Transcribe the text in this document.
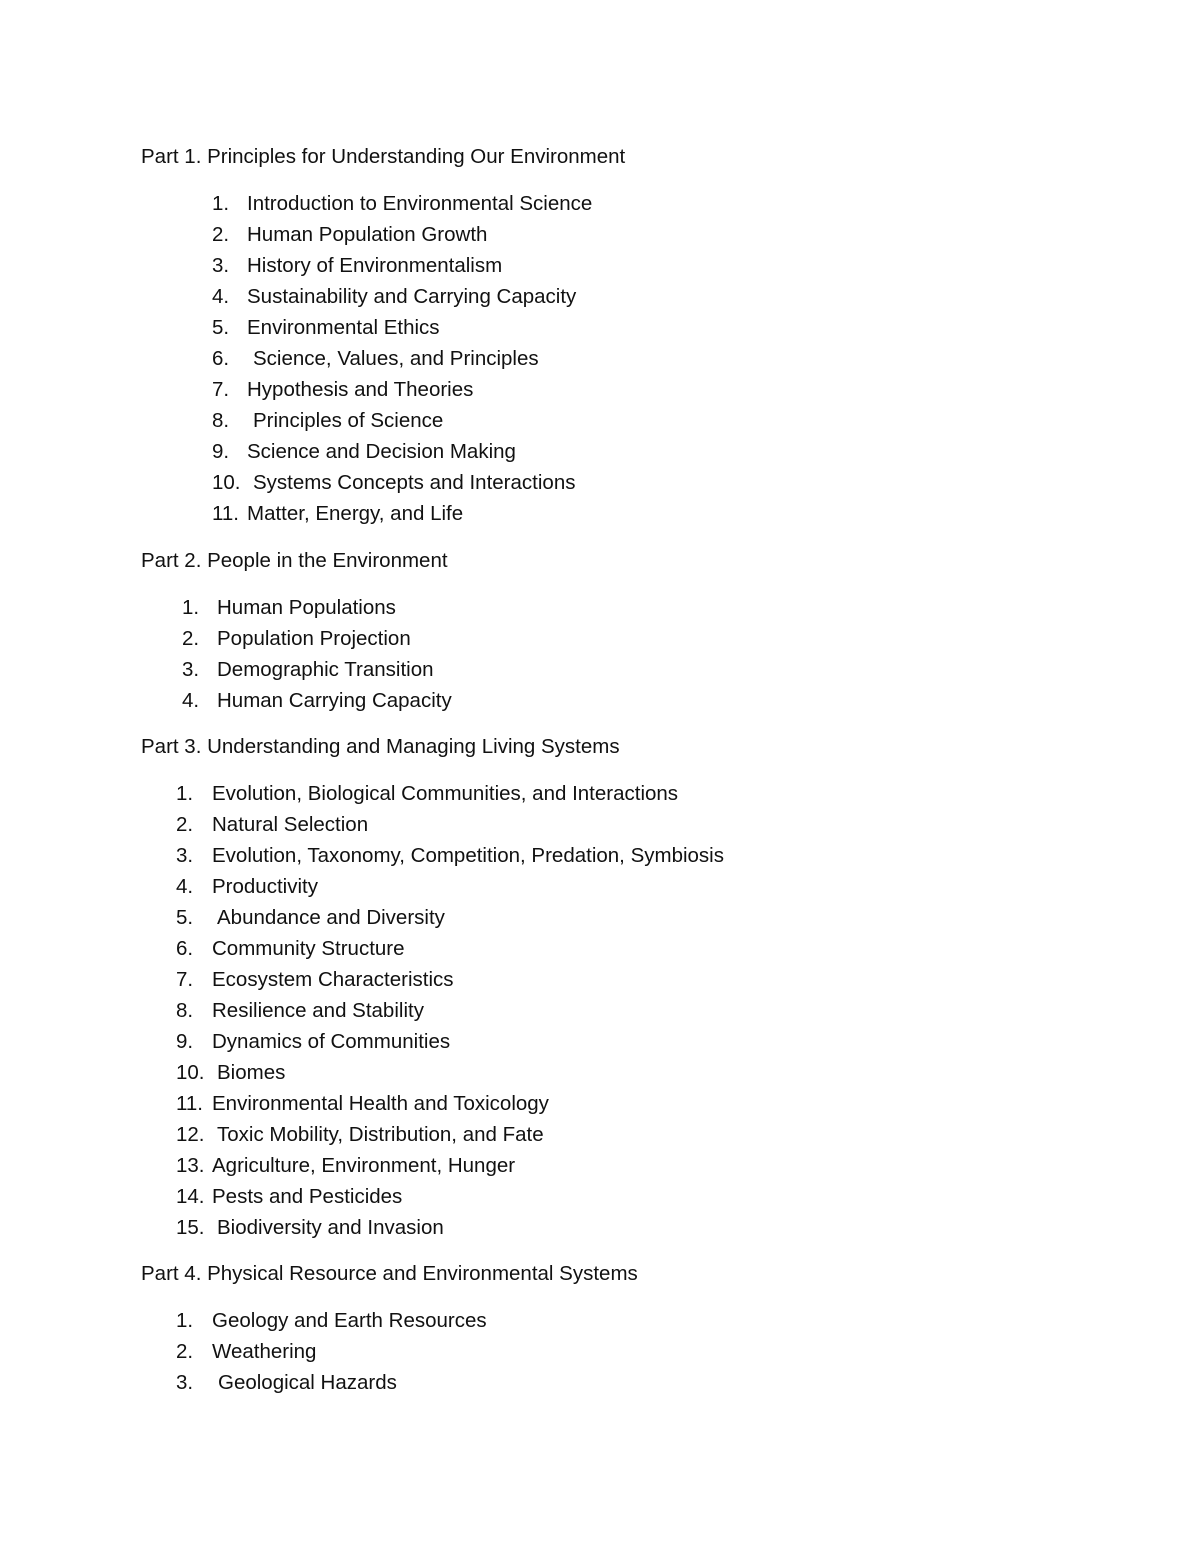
Part 1. Principles for Understanding Our Environment
1. Introduction to Environmental Science
2. Human Population Growth
3. History of Environmentalism
4. Sustainability and Carrying Capacity
5. Environmental Ethics
6. Science, Values, and Principles
7. Hypothesis and Theories
8. Principles of Science
9. Science and Decision Making
10. Systems Concepts and Interactions
11. Matter, Energy, and Life
Part 2. People in the Environment
1. Human Populations
2. Population Projection
3. Demographic Transition
4. Human Carrying Capacity
Part 3. Understanding and Managing Living Systems
1. Evolution, Biological Communities, and Interactions
2. Natural Selection
3. Evolution, Taxonomy, Competition, Predation, Symbiosis
4. Productivity
5. Abundance and Diversity
6. Community Structure
7. Ecosystem Characteristics
8. Resilience and Stability
9. Dynamics of Communities
10. Biomes
11. Environmental Health and Toxicology
12. Toxic Mobility, Distribution, and Fate
13. Agriculture, Environment, Hunger
14. Pests and Pesticides
15. Biodiversity and Invasion
Part 4. Physical Resource and Environmental Systems
1. Geology and Earth Resources
2. Weathering
3. Geological Hazards
